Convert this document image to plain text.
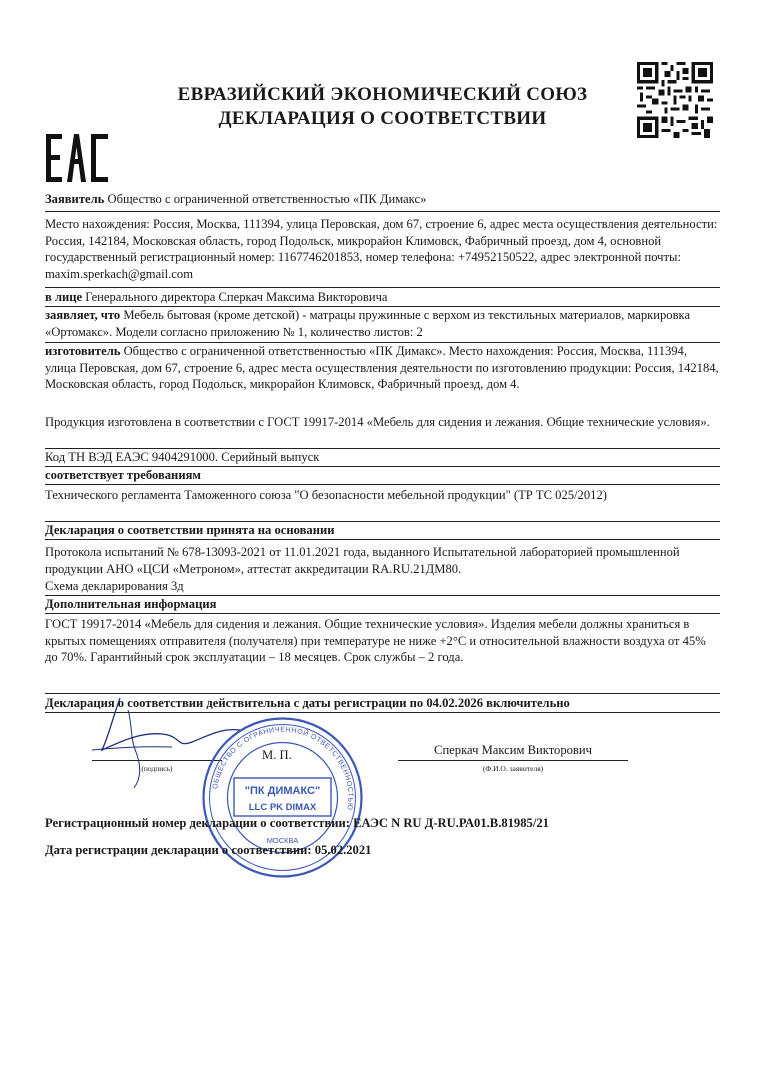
ЕВРАЗИЙСКИЙ ЭКОНОМИЧЕСКИЙ СОЮЗ
ДЕКЛАРАЦИЯ О СООТВЕТСТВИИ
Заявитель Общество с ограниченной ответственностью «ПК Димакс»
Место нахождения: Россия, Москва, 111394, улица Перовская, дом 67, строение 6, адрес места осуществления деятельности: Россия, 142184, Московская область, город Подольск, микрорайон Климовск, Фабричный проезд, дом 4, основной государственный регистрационный номер: 1167746201853, номер телефона: +74952150522, адрес электронной почты: maxim.sperkach@gmail.com
в лице Генерального директора Сперкач Максима Викторовича
заявляет, что Мебель бытовая (кроме детской) - матрацы пружинные с верхом из текстильных материалов, маркировка «Ортомакс». Модели согласно приложению № 1, количество листов: 2
изготовитель Общество с ограниченной ответственностью «ПК Димакс». Место нахождения: Россия, Москва, 111394, улица Перовская, дом 67, строение 6, адрес места осуществления деятельности по изготовлению продукции: Россия, 142184, Московская область, город Подольск, микрорайон Климовск, Фабричный проезд, дом 4.
Продукция изготовлена в соответствии с ГОСТ 19917-2014 «Мебель для сидения и лежания. Общие технические условия».
Код ТН ВЭД ЕАЭС 9404291000. Серийный выпуск
соответствует требованиям
Технического регламента Таможенного союза "О безопасности мебельной продукции" (ТР ТС 025/2012)
Декларация о соответствии принята на основании
Протокола испытаний № 678-13093-2021 от 11.01.2021 года, выданного Испытательной лабораторией промышленной продукции АНО «ЦСИ «Метроном», аттестат аккредитации RA.RU.21ДМ80.
Схема декларирования 3д
Дополнительная информация
ГОСТ 19917-2014 «Мебель для сидения и лежания. Общие технические условия». Изделия мебели должны храниться в крытых помещениях отправителя (получателя) при температуре не ниже +2°С и относительной влажности воздуха от 45% до 70%. Гарантийный срок эксплуатации – 18 месяцев. Срок службы – 2 года.
Декларация о соответствии действительна с даты регистрации по 04.02.2026 включительно
(подпись)
М. П.	Сперкач Максим Викторович
(Ф.И.О. заявителя)
ОБЩЕСТВО С ОГРАНИЧЕННОЙ ОТВЕТСТВЕННОСТЬЮ
"ПК ДИМАКС"
LLC PK DIMAX
МОСКВА
Регистрационный номер декларации о соответствии: ЕАЭС N RU Д-RU.РА01.В.81985/21
Дата регистрации декларации о соответствии: 05.02.2021
